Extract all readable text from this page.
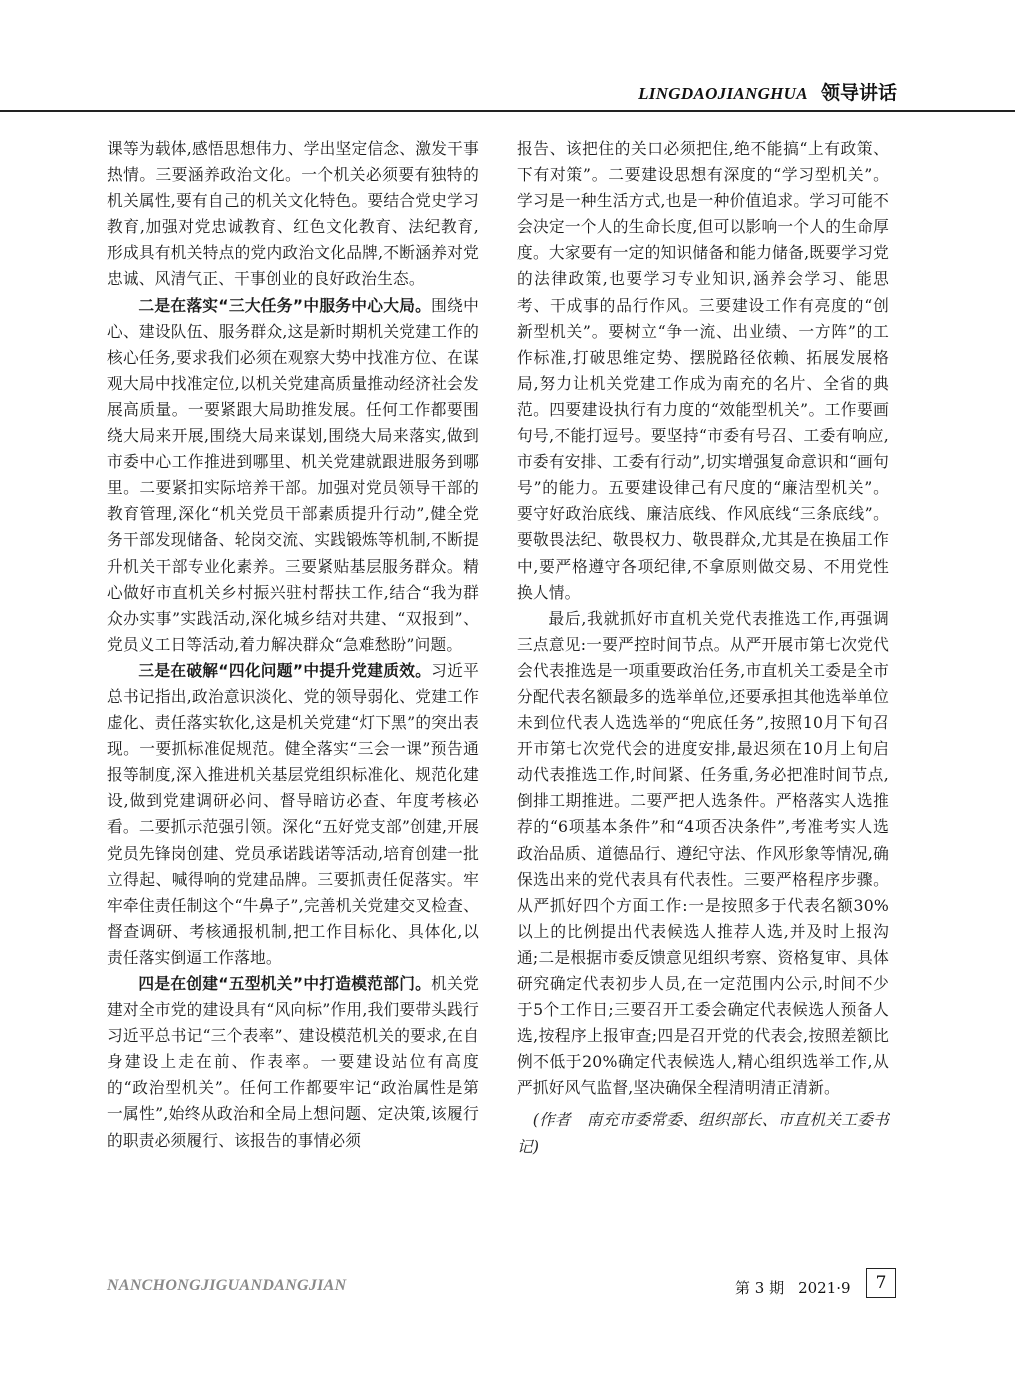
LINGDAOJIANGHUA 领导讲话

课等为载体,感悟思想伟力、学出坚定信念、激发干事热情。三要涵养政治文化。一个机关必须要有独特的机关属性,要有自己的机关文化特色。要结合党史学习教育,加强对党忠诚教育、红色文化教育、法纪教育,形成具有机关特点的党内政治文化品牌,不断涵养对党忠诚、风清气正、干事创业的良好政治生态。

二是在落实“三大任务”中服务中心大局。围绕中心、建设队伍、服务群众,这是新时期机关党建工作的核心任务,要求我们必须在观察大势中找准方位、在谋观大局中找准定位,以机关党建高质量推动经济社会发展高质量。一要紧跟大局助推发展。任何工作都要围绕大局来开展,围绕大局来谋划,围绕大局来落实,做到市委中心工作推进到哪里、机关党建就跟进服务到哪里。二要紧扣实际培养干部。加强对党员领导干部的教育管理,深化“机关党员干部素质提升行动”,健全党务干部发现储备、轮岗交流、实践锻炼等机制,不断提升机关干部专业化素养。三要紧贴基层服务群众。精心做好市直机关乡村振兴驻村帮扶工作,结合“我为群众办实事”实践活动,深化城乡结对共建、“双报到”、党员义工日等活动,着力解决群众“急难愁盼”问题。

三是在破解“四化问题”中提升党建质效。习近平总书记指出,政治意识淡化、党的领导弱化、党建工作虚化、责任落实软化,这是机关党建“灯下黑”的突出表现。一要抓标准促规范。健全落实“三会一课”预告通报等制度,深入推进机关基层党组织标准化、规范化建设,做到党建调研必问、督导暗访必查、年度考核必看。二要抓示范强引领。深化“五好党支部”创建,开展党员先锋岗创建、党员承诺践诺等活动,培育创建一批立得起、喊得响的党建品牌。三要抓责任促落实。牢牢牵住责任制这个“牛鼻子”,完善机关党建交叉检查、督查调研、考核通报机制,把工作目标化、具体化,以责任落实倒逼工作落地。

四是在创建“五型机关”中打造模范部门。机关党建对全市党的建设具有“风向标”作用,我们要带头践行习近平总书记“三个表率”、建设模范机关的要求,在自身建设上走在前、作表率。一要建设站位有高度的“政治型机关”。任何工作都要牢记“政治属性是第一属性”,始终从政治和全局上想问题、定决策,该履行的职责必须履行、该报告的事情必须

报告、该把住的关口必须把住,绝不能搞“上有政策、下有对策”。二要建设思想有深度的“学习型机关”。学习是一种生活方式,也是一种价值追求。学习可能不会决定一个人的生命长度,但可以影响一个人的生命厚度。大家要有一定的知识储备和能力储备,既要学习党的法律政策,也要学习专业知识,涵养会学习、能思考、干成事的品行作风。三要建设工作有亮度的“创新型机关”。要树立“争一流、出业绩、一方阵”的工作标准,打破思维定势、摆脱路径依赖、拓展发展格局,努力让机关党建工作成为南充的名片、全省的典范。四要建设执行有力度的“效能型机关”。工作要画句号,不能打逗号。要坚持“市委有号召、工委有响应,市委有安排、工委有行动”,切实增强复命意识和“画句号”的能力。五要建设律己有尺度的“廉洁型机关”。要守好政治底线、廉洁底线、作风底线“三条底线”。要敬畏法纪、敬畏权力、敬畏群众,尤其是在换届工作中,要严格遵守各项纪律,不拿原则做交易、不用党性换人情。

最后,我就抓好市直机关党代表推选工作,再强调三点意见:一要严控时间节点。从严开展市第七次党代会代表推选是一项重要政治任务,市直机关工委是全市分配代表名额最多的选举单位,还要承担其他选举单位未到位代表人选选举的“兜底任务”,按照10月下旬召开市第七次党代会的进度安排,最迟须在10月上旬启动代表推选工作,时间紧、任务重,务必把准时间节点,倒排工期推进。二要严把人选条件。严格落实人选推荐的“6项基本条件”和“4项否决条件”,考准考实人选政治品质、道德品行、遵纪守法、作风形象等情况,确保选出来的党代表具有代表性。三要严格程序步骤。从严抓好四个方面工作:一是按照多于代表名额30%以上的比例提出代表候选人推荐人选,并及时上报沟通;二是根据市委反馈意见组织考察、资格复审、具体研究确定代表初步人员,在一定范围内公示,时间不少于5个工作日;三要召开工委会确定代表候选人预备人选,按程序上报审查;四是召开党的代表会,按照差额比例不低于20%确定代表候选人,精心组织选举工作,从严抓好风气监督,坚决确保全程清明清正清新。

(作者　南充市委常委、组织部长、市直机关工委书记)

NANCHONGJIGUANDANGJIAN	第 3 期 2021·9	7
